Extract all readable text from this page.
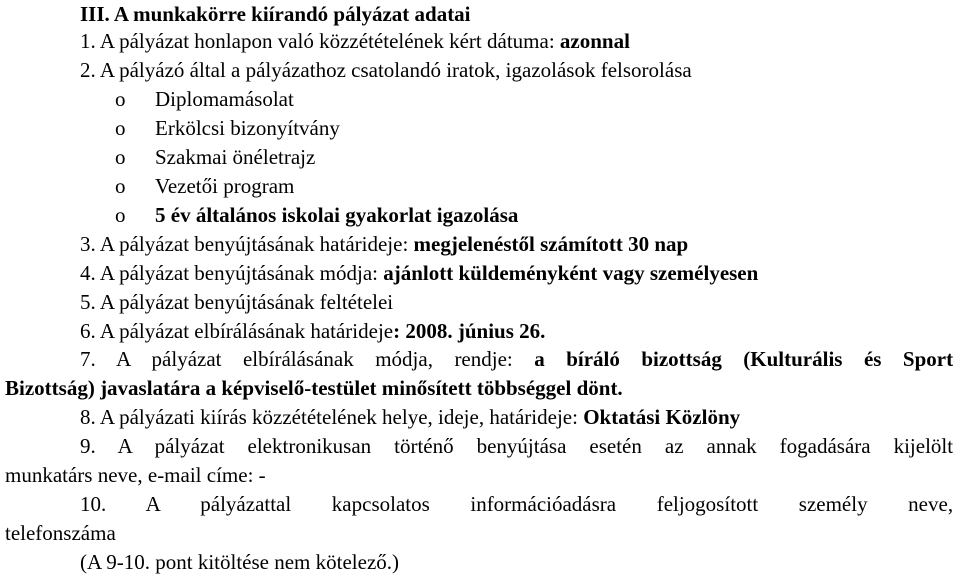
III. A munkakörre kiírandó pályázat adatai
1. A pályázat honlapon való közzétételének kért dátuma: azonnal
2. A pályázó által a pályázathoz csatolandó iratok, igazolások felsorolása
o Diplomamásolat
o Erkölcsi bizonyítvány
o Szakmai önéletrajz
o Vezetői program
o 5 év általános iskolai gyakorlat igazolása
3. A pályázat benyújtásának határideje: megjelenéstől számított 30 nap
4. A pályázat benyújtásának módja: ajánlott küldeményként vagy személyesen
5. A pályázat benyújtásának feltételei
6. A pályázat elbírálásának határideje: 2008. június 26.
7. A pályázat elbírálásának módja, rendje: a bíráló bizottság (Kulturális és Sport
Bizottság) javaslatára a képviselő-testület minősített többséggel dönt.
8. A pályázati kiírás közzétételének helye, ideje, határideje: Oktatási Közlöny
9. A pályázat elektronikusan történő benyújtása esetén az annak fogadására kijelölt
munkatárs neve, e-mail címe: -
10. A pályázattal kapcsolatos információadásra feljogosított személy neve,
telefonszáma
(A 9-10. pont kitöltése nem kötelező.)
